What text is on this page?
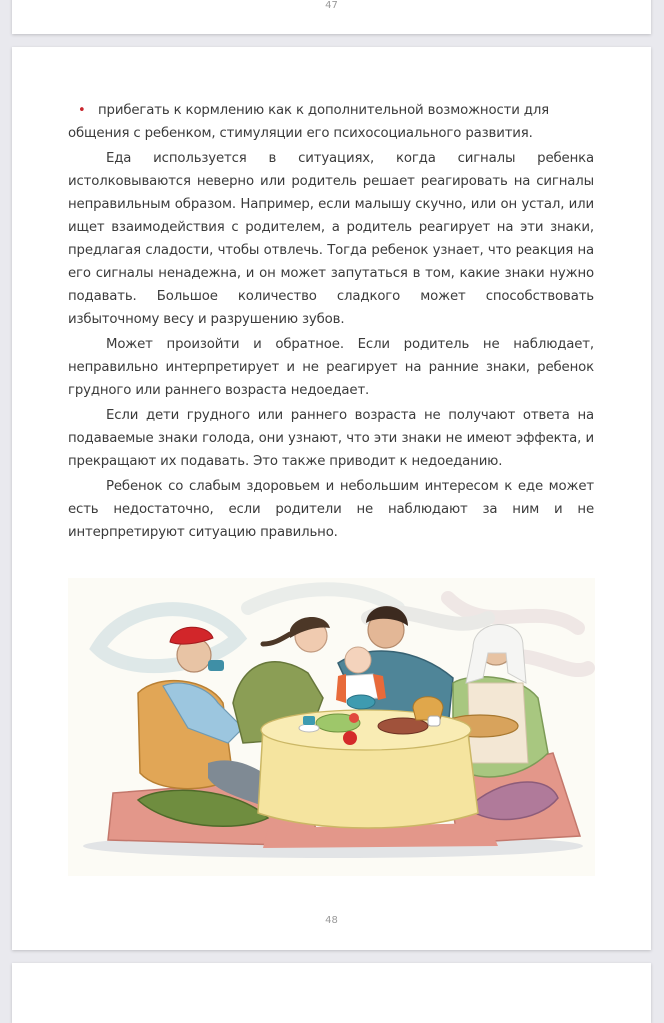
47

• прибегать к кормлению как к дополнительной возможности для

общения с ребенком, стимуляции его психосоциального развития.

Еда используется в ситуациях, когда сигналы ребенка истолковываются неверно или родитель решает реагировать на сигналы неправильным образом. Например, если малышу скучно, или он устал, или ищет взаимодействия с родителем, а родитель реагирует на эти знаки, предлагая сладости, чтобы отвлечь. Тогда ребенок узнает, что реакция на его сигналы ненадежна, и он может запутаться в том, какие знаки нужно подавать. Большое количество сладкого может способствовать избыточному весу и разрушению зубов.

Может произойти и обратное. Если родитель не наблюдает, неправильно интерпретирует и не реагирует на ранние знаки, ребенок грудного или раннего возраста недоедает.

Если дети грудного или раннего возраста не получают ответа на подаваемые знаки голода, они узнают, что эти знаки не имеют эффекта, и прекращают их подавать. Это также приводит к недоеданию.

Ребенок со слабым здоровьем и небольшим интересом к еде может есть недостаточно, если родители не наблюдают за ним и не интерпретируют ситуацию правильно.

48
